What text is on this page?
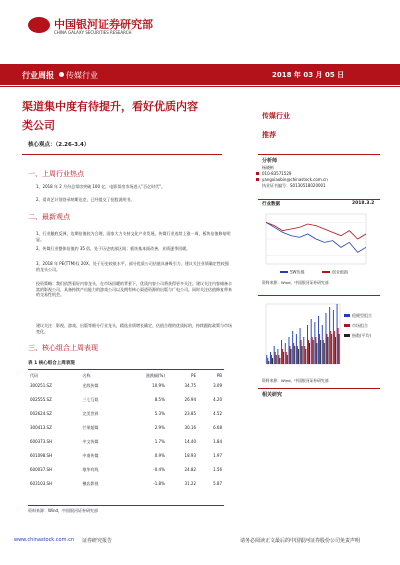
中国银河证券研究部
CHINA GALAXY SECURITIES RESEARCH
行业周报 传媒行业	2018 年 03 月 05 日
渠道集中度有待提升，看好优质内容
类公司
核心观点：（2.26-3.4）
一、上周行业热点
1、2018 年 2 月份总票房突破 100 亿，电影票房市场进入"百亿时代"。
2、爱奇艺计划登录纳斯达克，已经提交了招股说明书。
二、最新观点
1、行业触底反弹，边期估值较为合理，国家大力支持文化产业发展。传媒行业连续上涨一周，板块估值修复明显。
2、传媒行业整体估值约 35 倍，处于历史底部区间；板块基本面改善，业绩逐季回暖。
3、2018 年 PE(TTM)仅 20X，处于历史较低水平，部分优质公司估值具备吸引力，建议关注业绩确定性较强的龙头公司。
投资策略：我们依然看好内容龙头，在市场回暖的背景下，优质内容公司将获得更多关注。建议关注内容储备丰富的影视公司、具备持续产出能力的游戏公司以及拥有核心渠道资源的出版与广电公司。同时关注估值修复带来的交易性机会。
建议关注：影视、游戏、出版等细分行业龙头，精选业绩增长确定、估值合理的优质标的，持续跟踪政策与市场变化。
三、核心组合上周表现
表 1 核心组合上周表现
代码	名称	涨跌幅(%)	PE	PB
300251.SZ	光线传媒	10.9%	34.75	3.09
002555.SZ	三七互娱	8.5%	26.94	4.20
002624.SZ	完美世界	5.3%	23.85	4.52
300413.SZ	芒果超媒	2.9%	30.16	6.68
600373.SH	中文传媒	1.7%	14.40	1.84
601098.SH	中南传媒	0.9%	18.93	1.97
600037.SH	歌华有线	-0.4%	24.82	1.56
603103.SH	横店影视	-1.8%	31.22	5.87
资料来源：Wind，中国银河证券研究部
传媒行业
推荐
分析师
杨晓彬
010-83571529
yangxiaobin@chinastock.com.cn
执业证书编号：S0130518020001
行业数据	2018.3.2
SW传媒	创业板指
资料来源：Wind，中国银河证券研究部
稳健型组合
市场组合
指数(平均)
资料来源：Wind，中国银河证券研究部
相关研究
www.chinastock.com.cn 证券研究报告	请务必阅读正文最后的中国银河证券股份公司免责声明
